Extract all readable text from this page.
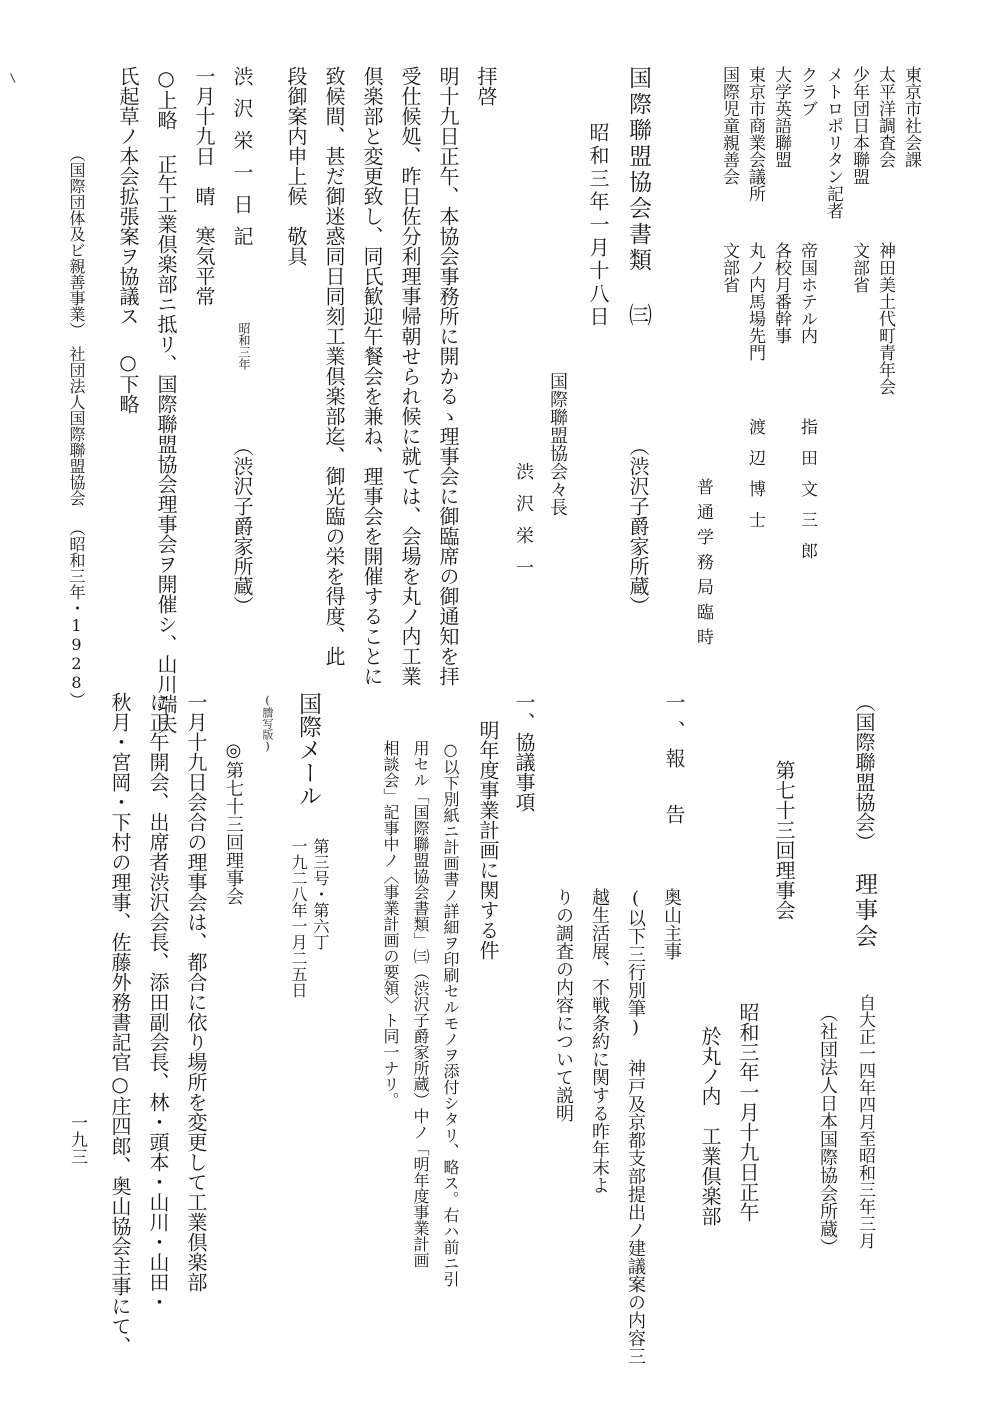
東京市社会課
太平洋調査会
少年団日本聯盟
メトロポリタン記者
クラブ
大学英語聯盟
東京市商業会議所
国際児童親善会
神田美土代町青年会
文部省
帝国ホテル内
各校月番幹事
丸ノ内馬場先門
文部省
指田文三郎
渡辺博士
普通学務局臨時
国際聯盟協会書類 ㈢
（渋沢子爵家所蔵）
昭和三年一月十八日
国際聯盟協会々長
渋沢栄一
拝啓
明十九日正午、本協会事務所に開かるゝ理事会に御臨席の御通知を拝
受仕候処、昨日佐分利理事帰朝せられ候に就ては、会場を丸ノ内工業
倶楽部と変更致し、同氏歓迎午餐会を兼ね、理事会を開催することに
致候間、甚だ御迷惑同日同刻工業倶楽部迄、御光臨の栄を得度、此
段御案内申上候　敬具
渋沢栄一日記
昭和三年
（渋沢子爵家所蔵）
一月十九日　晴　寒気平常
○上略 正午工業倶楽部ニ抵リ、国際聯盟協会理事会ヲ開催シ、山川端夫
氏起草ノ本会拡張案ヲ協議ス ○下略
（国際聯盟協会）
理事会
自大正一四年四月至昭和三年三月
（社団法人日本国際協会所蔵）
第七十三回理事会
昭和三年一月十九日正午
於丸ノ内　工業倶楽部
一、報　告
奥山主事
(以下三行別筆) 神戸及京都支部提出ノ建議案の内容三
越生活展、不戦条約に関する昨年末よ
りの調査の内容について説明
一、協議事項
明年度事業計画に関する件
○以下別紙ニ計画書ノ詳細ヲ印刷セルモノヲ添付シタリ、略ス。右ハ前ニ引
用セル「国際聯盟協会書類」㈢（渋沢子爵家所蔵）中ノ「明年度事業計画
相談会」記事中ノ〈事業計画の要領〉ト同一ナリ。
国際メール
第三号・第六丁
一九二八年一月二五日
(謄写版)
◎第七十三回理事会
一月十九日会合の理事会は、都合に依り場所を変更して工業倶楽部
に正午開会、出席者渋沢会長、添田副会長、林・頭本・山川・山田・
秋月・宮岡・下村の理事、佐藤外務書記官○庄四郎、奥山協会主事にて、
（国際団体及ビ親善事業）
社団法人国際聯盟協会
（昭和三年・1928）
一九三
